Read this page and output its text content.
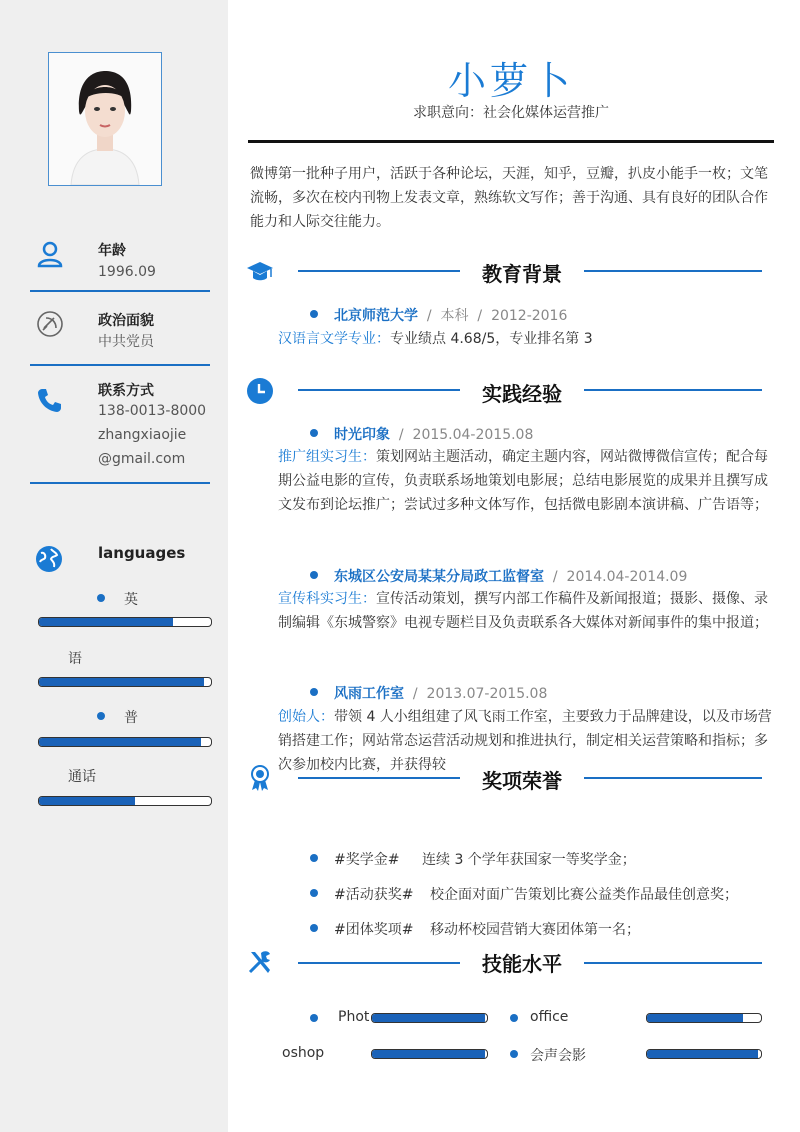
年龄
1996.09
政治面貌
中共党员
联系方式
138-0013-8000
zhangxiaojie
@gmail.com
languages
英
语
普
通话
小萝卜
求职意向：社会化媒体运营推广
微博第一批种子用户，活跃于各种论坛，天涯，知乎，豆瓣，扒皮小能手一枚；文笔流畅，多次在校内刊物上发表文章，熟练软文写作；善于沟通、具有良好的团队合作能力和人际交往能力。
教育背景
北京师范大学  /  本科  /  2012-2016
汉语言文学专业：专业绩点 4.68/5，专业排名第 3
实践经验
时光印象  /  2015.04-2015.08
推广组实习生：策划网站主题活动，确定主题内容，网站微博微信宣传；配合每期公益电影的宣传，负责联系场地策划电影展；总结电影展览的成果并且撰写成文发布到论坛推广；尝试过多种文体写作，包括微电影剧本演讲稿、广告语等；
东城区公安局某某分局政工监督室  /  2014.04-2014.09
宣传科实习生：宣传活动策划，撰写内部工作稿件及新闻报道；摄影、摄像、录制编辑《东城警察》电视专题栏目及负责联系各大媒体对新闻事件的集中报道；
风雨工作室  /  2013.07-2015.08
创始人：带领 4 人小组组建了风飞雨工作室，主要致力于品牌建设，以及市场营销搭建工作；网站常态运营活动规划和推进执行，制定相关运营策略和指标；多次参加校内比赛，并获得较
奖项荣誉
#奖学金# 连续 3 个学年获国家一等奖学金；
#活动获奖# 校企面对面广告策划比赛公益类作品最佳创意奖；
#团体奖项# 移动杯校园营销大赛团体第一名；
技能水平
Phot	office
oshop	会声会影
